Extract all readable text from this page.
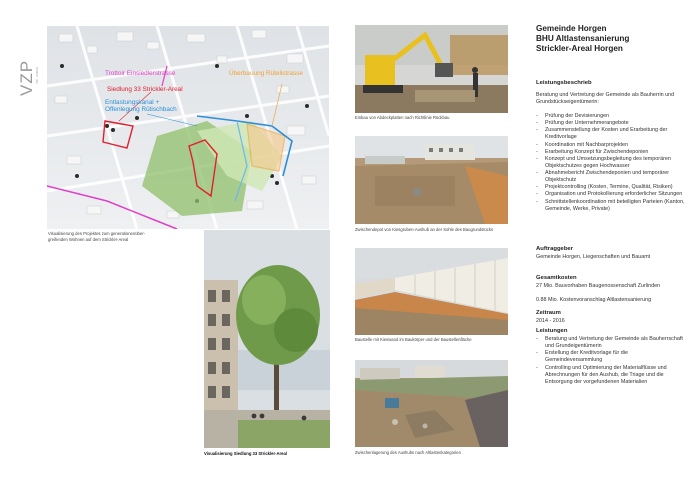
VZP VZP · ZÜRICH	Trottoir Einsiedlerstrasse	Überbauung Rütelistrasse
Siedlung 33 Strickler-Areal
Entlastungskanal +
Offenlegung Rütischbach
Visualisierung des Projektes zum generationenüber-
greifenden Wohnen auf dem Strickler-Areal
Visualisierung Siedlung 33 Strickler-Areal
Einbau von Abdeckplatten nach Richtlinie Rückbau
Zwischendepot von Kiesgruben-Aushub an der Sohle des Baugrundstücks
Baustelle mit Kieswand im Baukörper und der Baustellenfläche
Zwischenlagerung des Aushubs nach Altlastenkategorien
Gemeinde Horgen
BHU Altlastensanierung
Strickler-Areal Horgen
Leistungsbeschrieb
Beratung und Vertretung der Gemeinde als Bauherrin und Grundstückseigentümerin:
- Prüfung der Devisierungen
- Prüfung der Unternehmerangebote
- Zusammenstellung der Kosten und Erarbeitung der Kreditvorlage
- Koordination mit Nachbarprojekten
- Erarbeitung Konzept für Zwischendeponien
- Konzept und Umsetzungsbegleitung des temporären Objektschutzes gegen Hochwasser
- Abnahmebericht Zwischendeponien und temporärer Objektschutz
- Projektcontrolling (Kosten, Termine, Qualität, Risiken)
- Organisation und Protokollierung erforderlicher Sitzungen
- Schnittstellenkoordination mit beteiligten Parteien (Kanton, Gemeinde, Werke, Private)
Auftraggeber
Gemeinde Horgen, Liegenschaften und Bauamt
Gesamtkosten
27 Mio. Bauvorhaben Baugenossenschaft Zurlinden
0.88 Mio. Kostenvoranschlag Altlastensanierung
Zeitraum
2014 - 2016
Leistungen
- Beratung und Vertretung der Gemeinde als Bauherrschaft und Grundeigentümerin
- Erstellung der Kreditvorlage für die Gemeindeversammlung
- Controlling und Optimierung der Materialflüsse und Abrechnungen für den Aushub, die Triage und die Entsorgung der vorgefundenen Materialien
